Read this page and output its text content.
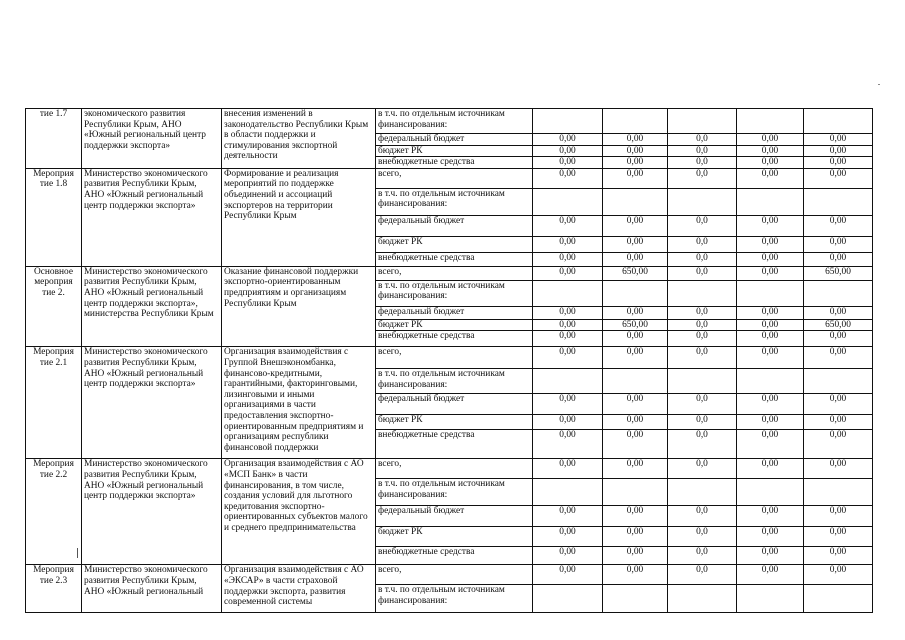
тие 1.7	экономического развития Республики Крым, АНО «Южный региональный центр поддержки экспорта»	внесения изменений в законодательство Республики Крым в области поддержки и стимулирования экспортной деятельности	в т.ч. по отдельным источникам финансирования:					
			федеральный бюджет	0,00	0,00	0,0	0,00	0,00
			бюджет РК	0,00	0,00	0,0	0,00	0,00
			внебюджетные средства	0,00	0,00	0,0	0,00	0,00
Мероприя тие 1.8	Министерство экономического развития Республики Крым, АНО «Южный региональный центр поддержки экспорта»	Формирование и реализация мероприятий по поддержке объединений и ассоциаций экспортеров на территории Республики Крым	всего,	0,00	0,00	0,0	0,00	0,00
			в т.ч. по отдельным источникам финансирования:					
			федеральный бюджет	0,00	0,00	0,0	0,00	0,00
			бюджет РК	0,00	0,00	0,0	0,00	0,00
			внебюджетные средства	0,00	0,00	0,0	0,00	0,00
Основное мероприя тие 2.	Министерство экономического развития Республики Крым, АНО «Южный региональный центр поддержки экспорта», министерства Республики Крым	Оказание финансовой поддержки экспортно-ориентированным предприятиям и организациям Республики Крым	всего,	0,00	650,00	0,0	0,00	650,00
			в т.ч. по отдельным источникам финансирования:					
			федеральный бюджет	0,00	0,00	0,0	0,00	0,00
			бюджет РК	0,00	650,00	0,0	0,00	650,00
			внебюджетные средства	0,00	0,00	0,0	0,00	0,00
Мероприя тие 2.1	Министерство экономического развития Республики Крым, АНО «Южный региональный центр поддержки экспорта»	Организация взаимодействия с Группой Внешэкономбанка, финансово-кредитными, гарантийными, факторинговыми, лизинговыми и иными организациями в части предоставления экспортно-ориентированным предприятиям и организациям республики финансовой поддержки	всего,	0,00	0,00	0,0	0,00	0,00
			в т.ч. по отдельным источникам финансирования:					
			федеральный бюджет	0,00	0,00	0,0	0,00	0,00
			бюджет РК	0,00	0,00	0,0	0,00	0,00
			внебюджетные средства	0,00	0,00	0,0	0,00	0,00
Мероприя тие 2.2	Министерство экономического развития Республики Крым, АНО «Южный региональный центр поддержки экспорта»	Организация взаимодействия с АО «МСП Банк» в части финансирования, в том числе, создания условий для льготного кредитования экспортно-ориентированных субъектов малого и среднего предпринимательства	всего,	0,00	0,00	0,0	0,00	0,00
			в т.ч. по отдельным источникам финансирования:					
			федеральный бюджет	0,00	0,00	0,0	0,00	0,00
			бюджет РК	0,00	0,00	0,0	0,00	0,00
			внебюджетные средства	0,00	0,00	0,0	0,00	0,00
Мероприя тие 2.3	Министерство экономического развития Республики Крым, АНО «Южный региональный	Организация взаимодействия с АО «ЭКСАР» в части страховой поддержки экспорта, развития современной системы	всего,	0,00	0,00	0,0	0,00	0,00
			в т.ч. по отдельным источникам финансирования:					
